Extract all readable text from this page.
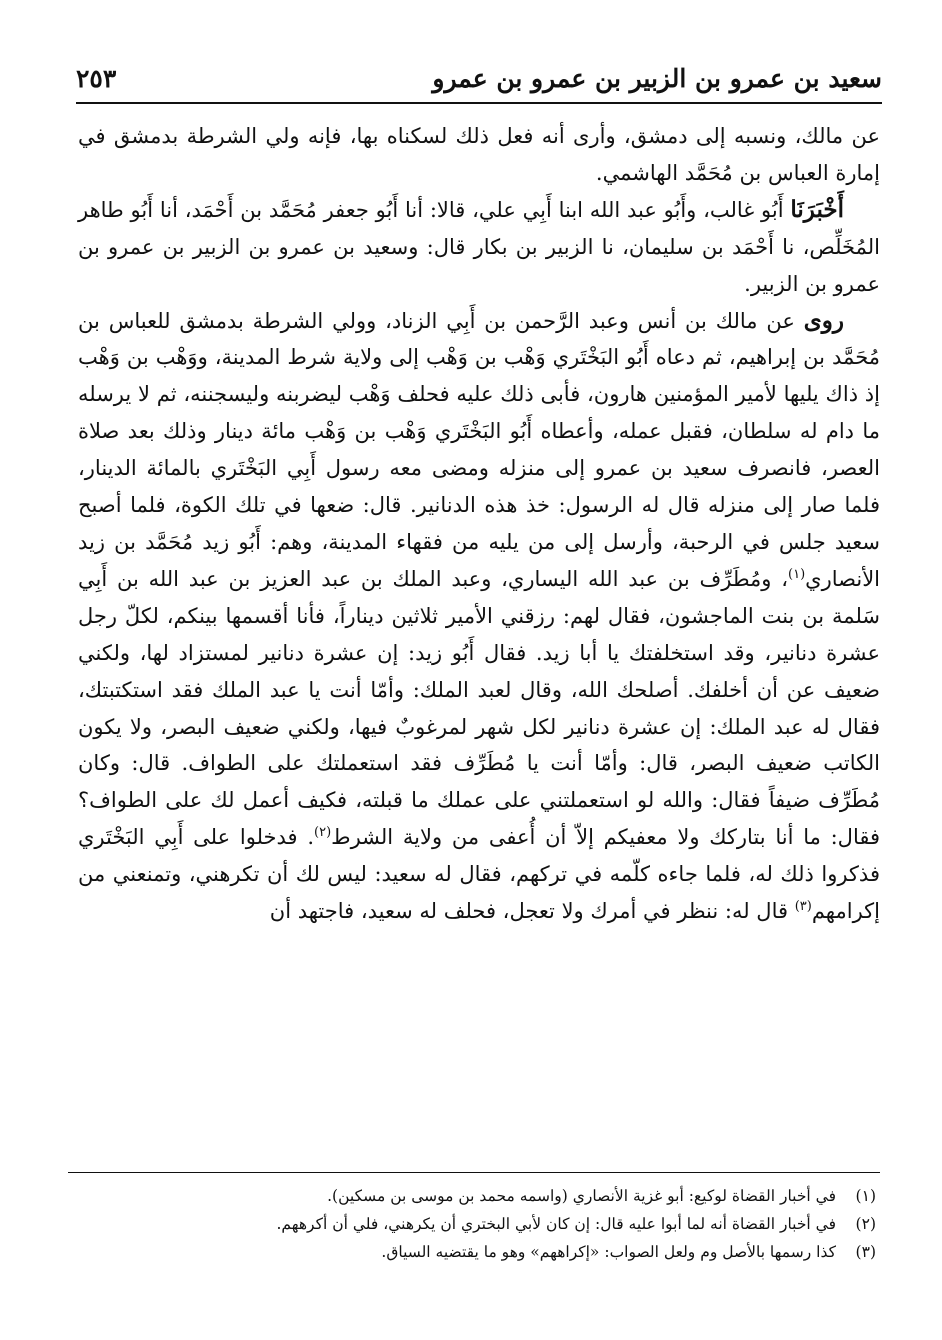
سعيد بن عمرو بن الزبير بن عمرو بن عمرو
٢٥٣

عن مالك، ونسبه إلى دمشق، وأرى أنه فعل ذلك لسكناه بها، فإنه ولي الشرطة بدمشق في إمارة العباس بن مُحَمَّد الهاشمي.

أَخْبَرَنَا أَبُو غالب، وأَبُو عبد الله ابنا أَبِي علي، قالا: أنا أَبُو جعفر مُحَمَّد بن أَحْمَد، أنا أَبُو طاهر المُخَلِّص، نا أَحْمَد بن سليمان، نا الزبير بن بكار قال: وسعيد بن عمرو بن الزبير بن عمرو بن عمرو بن الزبير.

روى عن مالك بن أنس وعبد الرَّحمن بن أَبِي الزناد، وولي الشرطة بدمشق للعباس بن مُحَمَّد بن إبراهيم، ثم دعاه أَبُو البَخْتَري وَهْب بن وَهْب إلى ولاية شرط المدينة، ووَهْب بن وَهْب إذ ذاك يليها لأمير المؤمنين هارون، فأبى ذلك عليه فحلف وَهْب ليضربنه وليسجننه، ثم لا يرسله ما دام له سلطان، فقبل عمله، وأعطاه أَبُو البَخْتَري وَهْب بن وَهْب مائة دينار وذلك بعد صلاة العصر، فانصرف سعيد بن عمرو إلى منزله ومضى معه رسول أَبِي البَخْتَري بالمائة الدينار، فلما صار إلى منزله قال له الرسول: خذ هذه الدنانير. قال: ضعها في تلك الكوة، فلما أصبح سعيد جلس في الرحبة، وأرسل إلى من يليه من فقهاء المدينة، وهم: أَبُو زيد مُحَمَّد بن زيد الأنصاري$^{(١)}$، ومُطَرِّف بن عبد الله اليساري، وعبد الملك بن عبد العزيز بن عبد الله بن أَبِي سَلمة بن بنت الماجشون، فقال لهم: رزقني الأمير ثلاثين ديناراً، فأنا أقسمها بينكم، لكلّ رجل عشرة دنانير، وقد استخلفتك يا أبا زيد. فقال أَبُو زيد: إن عشرة دنانير لمستزاد لها، ولكني ضعيف عن أن أخلفك. أصلحك الله، وقال لعبد الملك: وأمّا أنت يا عبد الملك فقد استكتبتك، فقال له عبد الملك: إن عشرة دنانير لكل شهر لمرغوبٌ فيها، ولكني ضعيف البصر، ولا يكون الكاتب ضعيف البصر، قال: وأمّا أنت يا مُطَرِّف فقد استعملتك على الطواف. قال: وكان مُطَرِّف ضيفاً فقال: والله لو استعملتني على عملك ما قبلته، فكيف أعمل لك على الطواف؟ فقال: ما أنا بتاركك ولا معفيكم إلاّ أن أُعفى من ولاية الشرط$^{(٢)}$. فدخلوا على أَبِي البَخْتَري فذكروا ذلك له، فلما جاءه كلّمه في تركهم، فقال له سعيد: ليس لك أن تكرهني، وتمنعني من إكرامهم$^{(٣)}$ قال له: ننظر في أمرك ولا تعجل، فحلف له سعيد، فاجتهد أن

(١)في أخبار القضاة لوكيع: أبو غزية الأنصاري (واسمه محمد بن موسى بن مسكين).
(٢)في أخبار القضاة أنه لما أبوا عليه قال: إن كان لأبي البختري أن يكرهني، فلي أن أكرههم.
(٣)كذا رسمها بالأصل وم ولعل الصواب: «إكراههم» وهو ما يقتضيه السياق.
